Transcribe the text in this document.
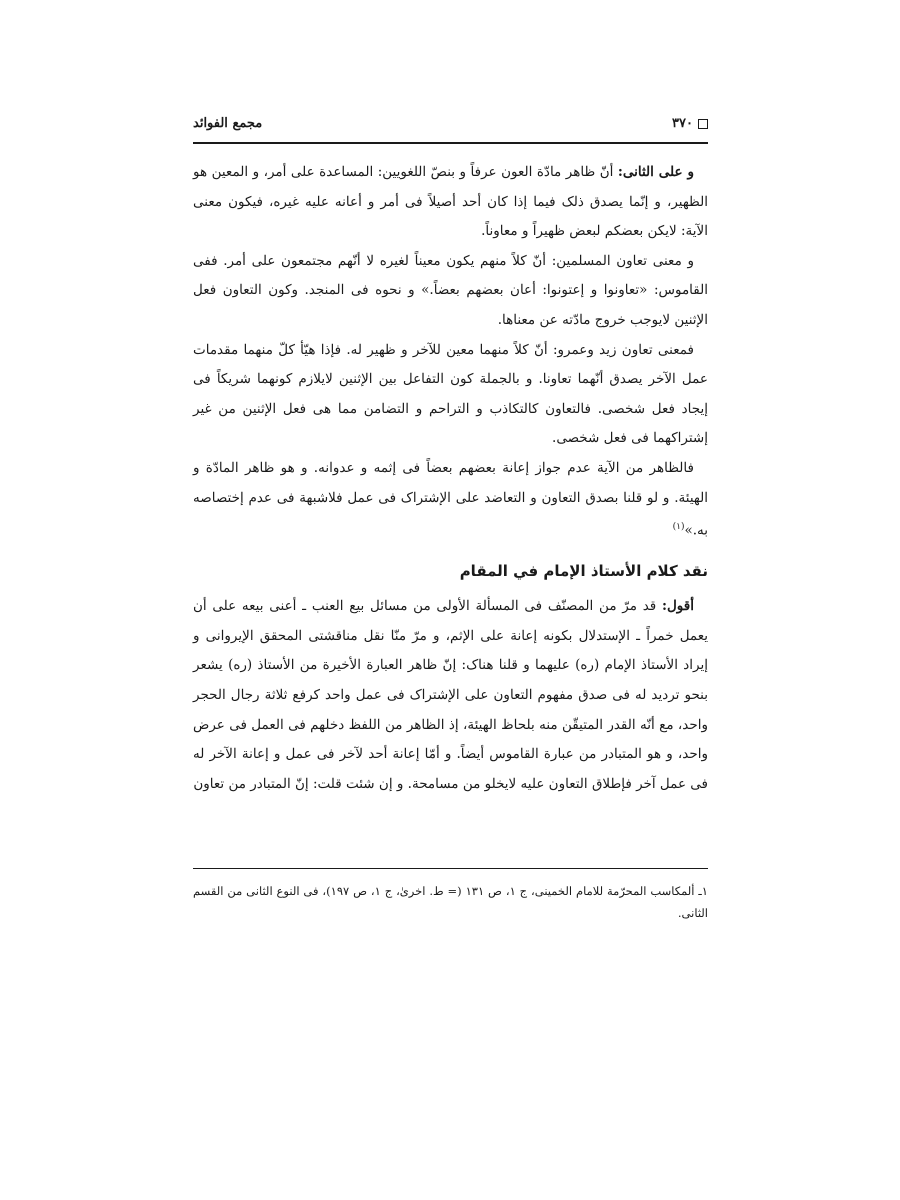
۳۷۰
مجمع الفوائد

و علی الثانی: أنّ ظاهر مادّة العون عرفاً و بنصّ اللغویین: المساعدة علی أمر، و المعین هو الظهیر، و إنّما یصدق ذلک فیما إذا کان أحد أصیلاً فی أمر و أعانه علیه غیره، فیکون معنی الآیة: لایکن بعضکم لبعض ظهیراً و معاوناً.

و معنی تعاون المسلمین: أنّ کلاً منهم یکون معیناً لغیره لا أنّهم مجتمعون علی أمر. ففی القاموس: «تعاونوا و إعتونوا: أعان بعضهم بعضاً.» و نحوه فی المنجد. وکون التعاون فعل الإثنین لایوجب خروج مادّته عن معناها.

فمعنی تعاون زید وعمرو: أنّ کلاً منهما معین للآخر و ظهیر له. فإذا هیّأ کلّ منهما مقدمات عمل الآخر یصدق أنّهما تعاونا. و بالجملة کون التفاعل بین الإثنین لایلازم کونهما شریکاً فی إیجاد فعل شخصی. فالتعاون کالتکاذب و التراحم و التضامن مما هی فعل الإثنین من غیر إشتراکهما فی فعل شخصی.

فالظاهر من الآیة عدم جواز إعانة بعضهم بعضاً فی إثمه و عدوانه. و هو ظاهر المادّة و الهیئة. و لو قلنا بصدق التعاون و التعاضد علی الإشتراک فی عمل فلاشبهة فی عدم إختصاصه به.»$^{(۱)}$

نقد كلام الأستاذ الإمام في المقام

أقول: قد مرّ من المصنّف فی المسألة الأولی من مسائل بیع العنب ـ أعنی بیعه علی أن یعمل خمراً ـ الإستدلال بکونه إعانة علی الإثم، و مرّ منّا نقل مناقشتی المحقق الإیروانی و إیراد الأستاذ الإمام (ره) علیهما و قلنا هناک: إنّ ظاهر العبارة الأخیرة من الأستاذ (ره) یشعر بنحو تردید له فی صدق مفهوم التعاون علی الإشتراک فی عمل واحد کرفع ثلاثة رجال الحجر واحد، مع أنّه القدر المتیقّن منه بلحاظ الهیئة، إذ الظاهر من اللفظ دخلهم فی العمل فی عرض واحد، و هو المتبادر من عبارة القاموس أیضاً. و أمّا إعانة أحد لآخر فی عمل و إعانة الآخر له فی عمل آخر فإطلاق التعاون علیه لایخلو من مسامحة. و إن شئت قلت: إنّ المتبادر من تعاون

۱ـ ألمکاسب المحرّمة للامام الخمینی، ج ۱، ص ۱۳۱ (= ط. اخریٰ، ج ۱، ص ۱۹۷)، فی النوع الثانی من القسم الثانی.
